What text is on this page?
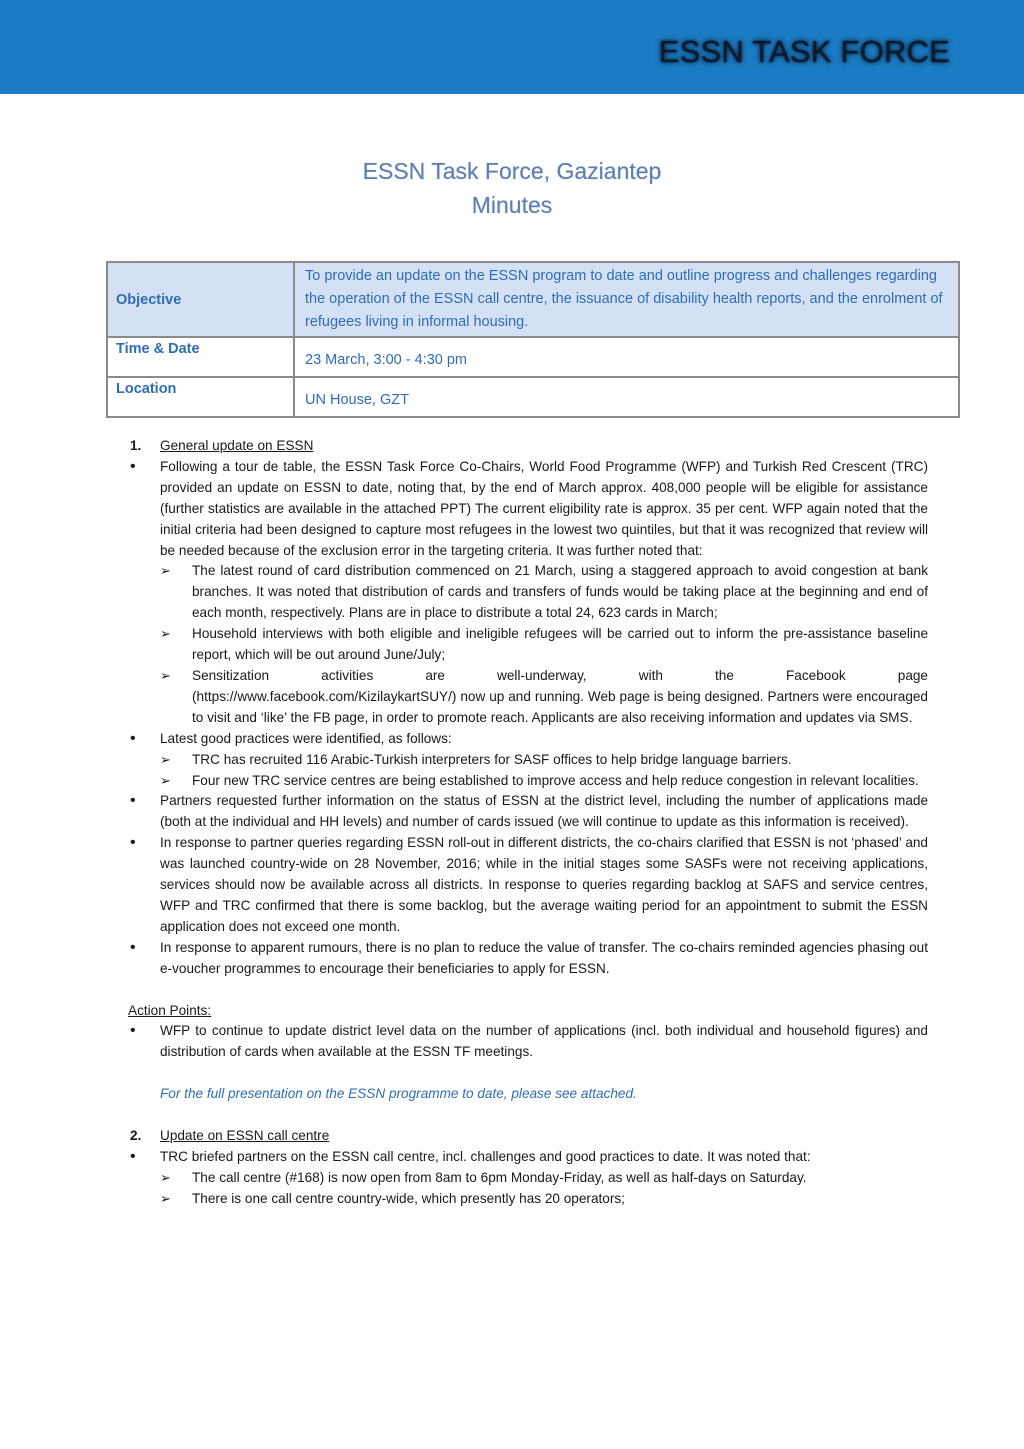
ESSN TASK FORCE
ESSN Task Force, Gaziantep
Minutes
Objective	To provide an update on the ESSN program to date and outline progress and challenges regarding the operation of the ESSN call centre, the issuance of disability health reports, and the enrolment of refugees living in informal housing.
Time & Date	23 March, 3:00 - 4:30 pm
Location	UN House, GZT
1.	General update on ESSN
•	Following a tour de table, the ESSN Task Force Co-Chairs, World Food Programme (WFP) and Turkish Red Crescent (TRC) provided an update on ESSN to date, noting that, by the end of March approx. 408,000 people will be eligible for assistance (further statistics are available in the attached PPT) The current eligibility rate is approx. 35 per cent. WFP again noted that the initial criteria had been designed to capture most refugees in the lowest two quintiles, but that it was recognized that review will be needed because of the exclusion error in the targeting criteria. It was further noted that:
➢ The latest round of card distribution commenced on 21 March, using a staggered approach to avoid congestion at bank branches. It was noted that distribution of cards and transfers of funds would be taking place at the beginning and end of each month, respectively. Plans are in place to distribute a total 24, 623 cards in March;
➢ Household interviews with both eligible and ineligible refugees will be carried out to inform the pre-assistance baseline report, which will be out around June/July;
➢ Sensitization activities are well-underway, with the Facebook page
(https://www.facebook.com/KizilaykartSUY/) now up and running. Web page is being designed. Partners were encouraged to visit and ‘like’ the FB page, in order to promote reach. Applicants are also receiving information and updates via SMS.
•	Latest good practices were identified, as follows:
➢ TRC has recruited 116 Arabic-Turkish interpreters for SASF offices to help bridge language barriers.
➢ Four new TRC service centres are being established to improve access and help reduce congestion in relevant localities.
•	Partners requested further information on the status of ESSN at the district level, including the number of applications made (both at the individual and HH levels) and number of cards issued (we will continue to update as this information is received).
•	In response to partner queries regarding ESSN roll-out in different districts, the co-chairs clarified that ESSN is not ‘phased’ and was launched country-wide on 28 November, 2016; while in the initial stages some SASFs were not receiving applications, services should now be available across all districts. In response to queries regarding backlog at SAFS and service centres, WFP and TRC confirmed that there is some backlog, but the average waiting period for an appointment to submit the ESSN application does not exceed one month.
•	In response to apparent rumours, there is no plan to reduce the value of transfer. The co-chairs reminded agencies phasing out e-voucher programmes to encourage their beneficiaries to apply for ESSN.
Action Points:
•	WFP to continue to update district level data on the number of applications (incl. both individual and household figures) and distribution of cards when available at the ESSN TF meetings.
For the full presentation on the ESSN programme to date, please see attached.
2.	Update on ESSN call centre
•	TRC briefed partners on the ESSN call centre, incl. challenges and good practices to date. It was noted that:
➢ The call centre (#168) is now open from 8am to 6pm Monday-Friday, as well as half-days on Saturday.
➢ There is one call centre country-wide, which presently has 20 operators;
